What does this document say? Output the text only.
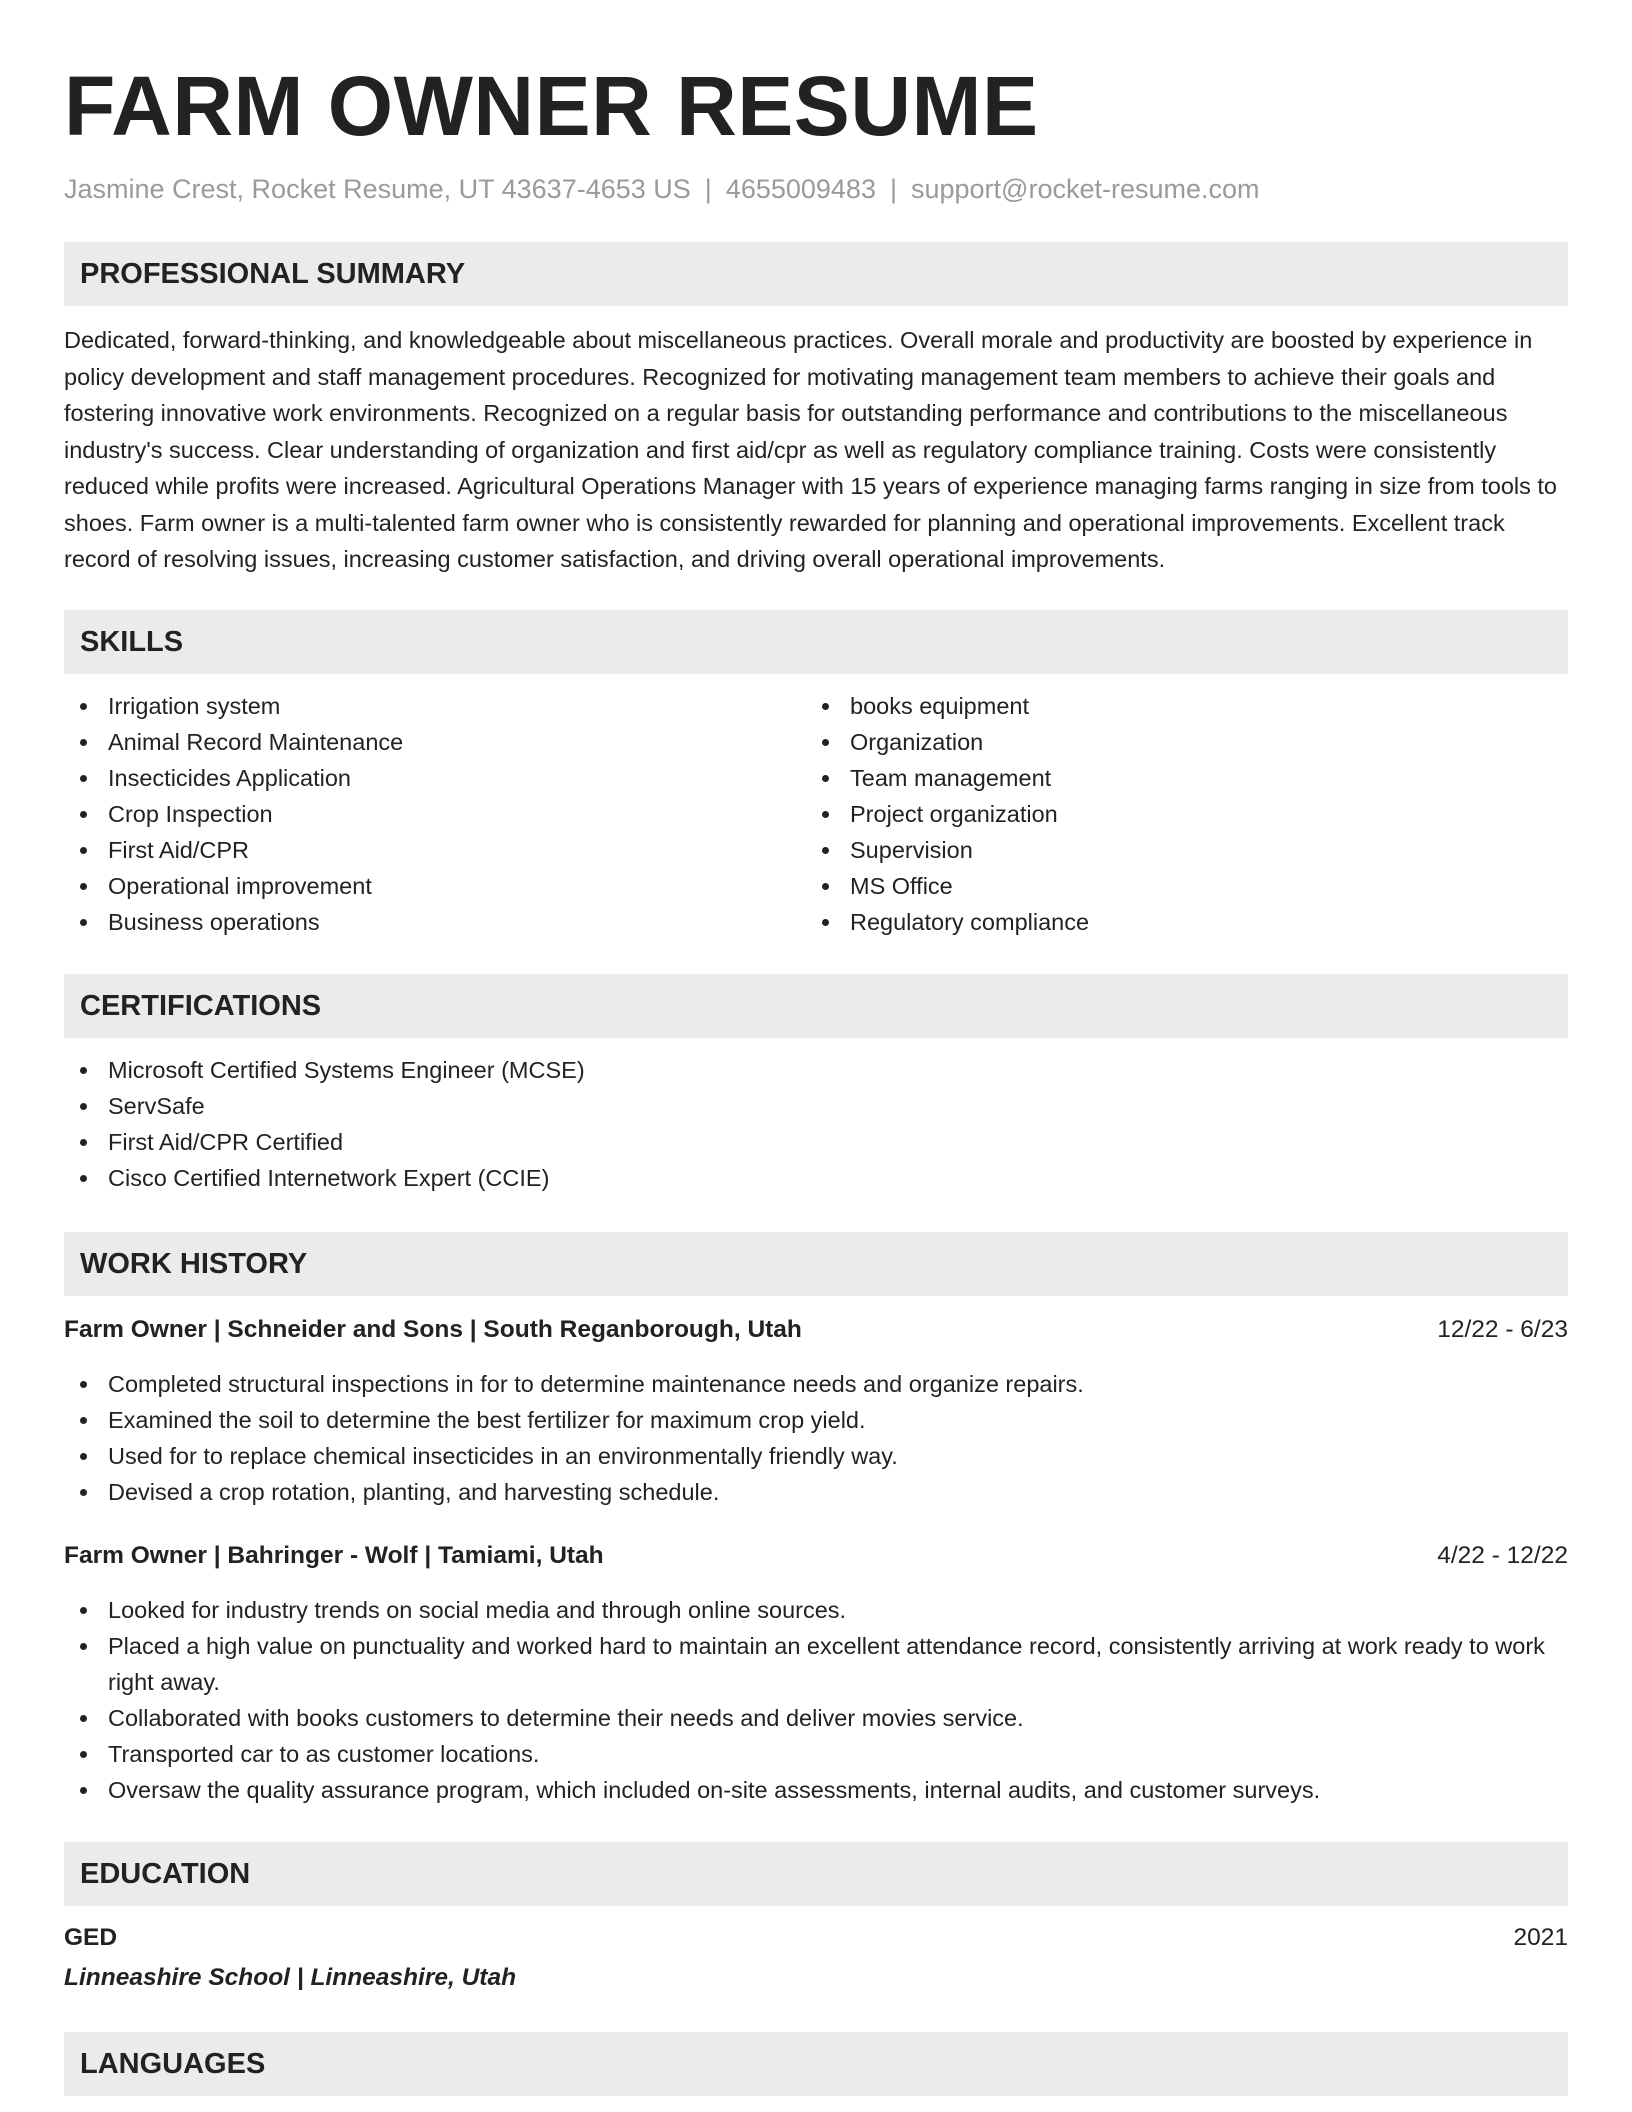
FARM OWNER RESUME
Jasmine Crest, Rocket Resume, UT 43637-4653 US | 4655009483 | support@rocket-resume.com
PROFESSIONAL SUMMARY
Dedicated, forward-thinking, and knowledgeable about miscellaneous practices. Overall morale and productivity are boosted by experience in policy development and staff management procedures. Recognized for motivating management team members to achieve their goals and fostering innovative work environments. Recognized on a regular basis for outstanding performance and contributions to the miscellaneous industry's success. Clear understanding of organization and first aid/cpr as well as regulatory compliance training. Costs were consistently reduced while profits were increased. Agricultural Operations Manager with 15 years of experience managing farms ranging in size from tools to shoes. Farm owner is a multi-talented farm owner who is consistently rewarded for planning and operational improvements. Excellent track record of resolving issues, increasing customer satisfaction, and driving overall operational improvements.
SKILLS
Irrigation system
Animal Record Maintenance
Insecticides Application
Crop Inspection
First Aid/CPR
Operational improvement
Business operations
books equipment
Organization
Team management
Project organization
Supervision
MS Office
Regulatory compliance
CERTIFICATIONS
Microsoft Certified Systems Engineer (MCSE)
ServSafe
First Aid/CPR Certified
Cisco Certified Internetwork Expert (CCIE)
WORK HISTORY
Farm Owner | Schneider and Sons | South Reganborough, Utah	12/22 - 6/23
Completed structural inspections in for to determine maintenance needs and organize repairs.
Examined the soil to determine the best fertilizer for maximum crop yield.
Used for to replace chemical insecticides in an environmentally friendly way.
Devised a crop rotation, planting, and harvesting schedule.
Farm Owner | Bahringer - Wolf | Tamiami, Utah	4/22 - 12/22
Looked for industry trends on social media and through online sources.
Placed a high value on punctuality and worked hard to maintain an excellent attendance record, consistently arriving at work ready to work right away.
Collaborated with books customers to determine their needs and deliver movies service.
Transported car to as customer locations.
Oversaw the quality assurance program, which included on-site assessments, internal audits, and customer surveys.
EDUCATION
GED	2021
Linneashire School | Linneashire, Utah
LANGUAGES
